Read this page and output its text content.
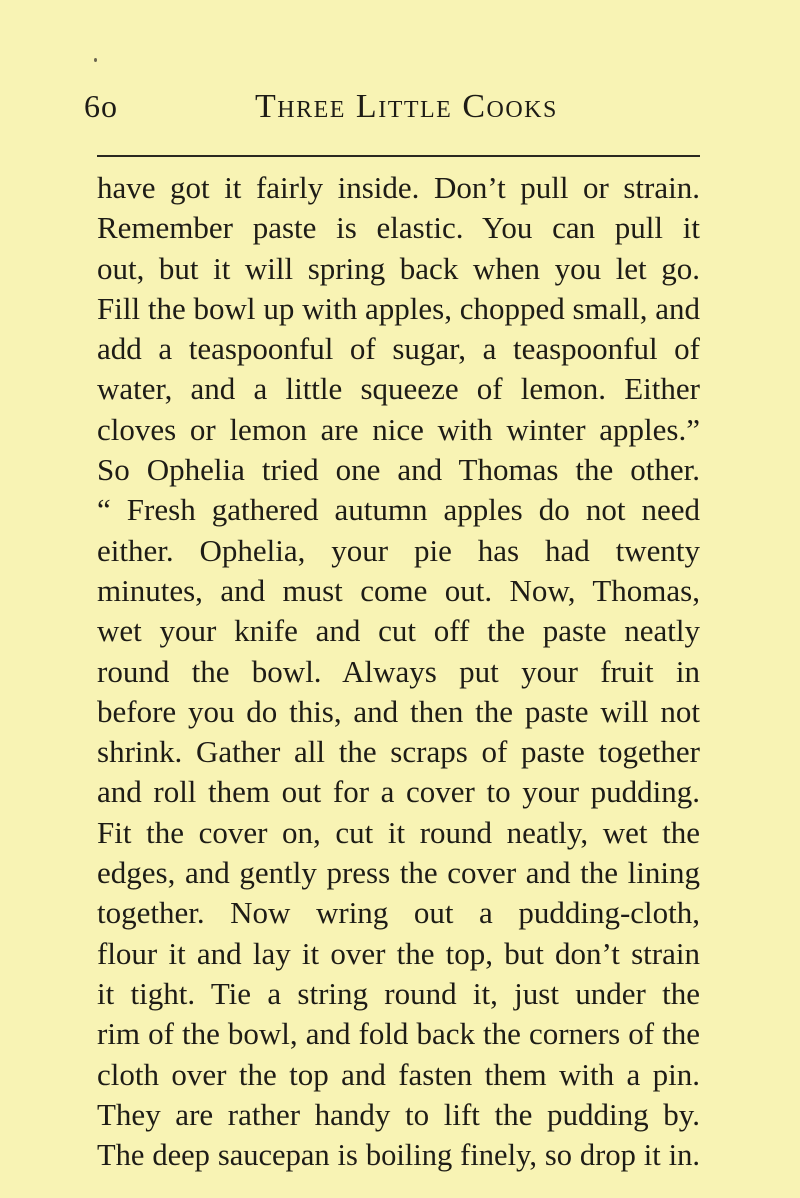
6o	Three Little Cooks
have got it fairly inside. Don’t pull or strain.
Remember paste is elastic. You can pull it
out, but it will spring back when you let go.
Fill the bowl up with apples, chopped small, and
add a teaspoonful of sugar, a teaspoonful of
water, and a little squeeze of lemon. Either
cloves or lemon are nice with winter apples.”
So Ophelia tried one and Thomas the other.
“ Fresh gathered autumn apples do not need
either. Ophelia, your pie has had twenty
minutes, and must come out. Now, Thomas,
wet your knife and cut off the paste neatly
round the bowl. Always put your fruit in
before you do this, and then the paste will not
shrink. Gather all the scraps of paste together
and roll them out for a cover to your pudding.
Fit the cover on, cut it round neatly, wet the
edges, and gently press the cover and the lining
together. Now wring out a pudding-cloth,
flour it and lay it over the top, but don’t strain
it tight. Tie a string round it, just under the
rim of the bowl, and fold back the corners of the
cloth over the top and fasten them with a pin.
They are rather handy to lift the pudding by.
The deep saucepan is boiling finely, so drop it in.
